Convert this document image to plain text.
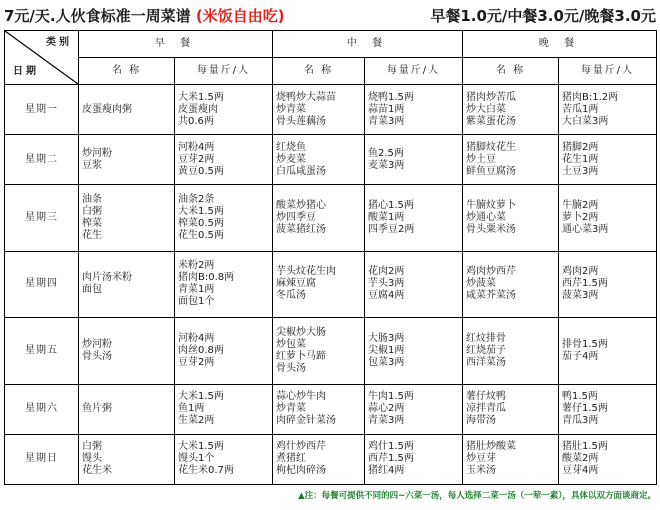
7元/天.人伙食标准一周菜谱 (米饭自由吃)	早餐1.0元/中餐3.0元/晚餐3.0元
类别
日期	早 餐		中 餐		晚 餐	
	名 称	每量斤/人	名 称	每量斤/人	名 称	每量斤/人
星期一	皮蛋瘦肉粥	大米1.5两
皮蛋瘦肉
共0.6两	烧鸭炒大蒜苗
炒青菜
骨头莲藕汤	烧鸭1.5两
蒜苗1两
青菜3两	猪肉炒苦瓜
炒大白菜
紫菜蛋花汤	猪肉B:1.2两
苦瓜1两
大白菜3两
星期二	炒河粉
豆浆	河粉4两
豆芽2两
黄豆0.5两	红烧鱼
炒麦菜
白瓜咸蛋汤	鱼2.5两
麦菜3两	猪脚炆花生
炒土豆
鲜鱼豆腐汤	猪脚2两
花生1两
土豆3两
星期三	油条
白粥
榨菜
花生	油条2条
大米1.5两
榨菜0.5两
花生0.5两	酸菜炒猪心
炒四季豆
菠菜猪红汤	猪心1.5两
酸菜1两
四季豆2两	牛腩炆萝卜
炒通心菜
骨头粟米汤	牛腩2两
萝卜2两
通心菜3两
星期四	肉片汤米粉
面包	米粉2两
猪肉B:0.8两
青菜1两
面包1个	芋头炆花生肉
麻辣豆腐
冬瓜汤	花肉2两
芋头3两
豆腐4两	鸡肉炒西芹
炒菠菜
咸菜芥菜汤	鸡肉2两
西芹1.5两
菠菜3两
星期五	炒河粉
骨头汤	河粉4两
肉丝0.8两
豆芽2两	尖椒炒大肠
炒包菜
红萝卜马蹄
骨头汤	大肠3两
尖椒1两
包菜3两	红炆排骨
红烧茄子
西洋菜汤	排骨1.5两
茄子4两
星期六	鱼片粥	大米1.5两
鱼1两
生菜2两	蒜心炒牛肉
炒青菜
肉碎金针菜汤	牛肉1.5两
蒜心2两
青菜3两	薯仔炆鸭
凉拌青瓜
海带汤	鸭1.5两
薯仔1.5两
青瓜3两
星期日	白粥
馒头
花生米	大米1.5两
馒头1个
花生米0.7两	鸡什炒西芹
煮猪红
枸杞肉碎汤	鸡什1.5两
西芹1.5两
猪红4两	猪肚炒酸菜
炒豆芽
玉米汤	猪肚1.5两
酸菜2两
豆芽4两
▲注：每餐可提供不同的四~六菜一汤，每人选择二菜一汤（一荤一素），具体以双方面谈商定。
